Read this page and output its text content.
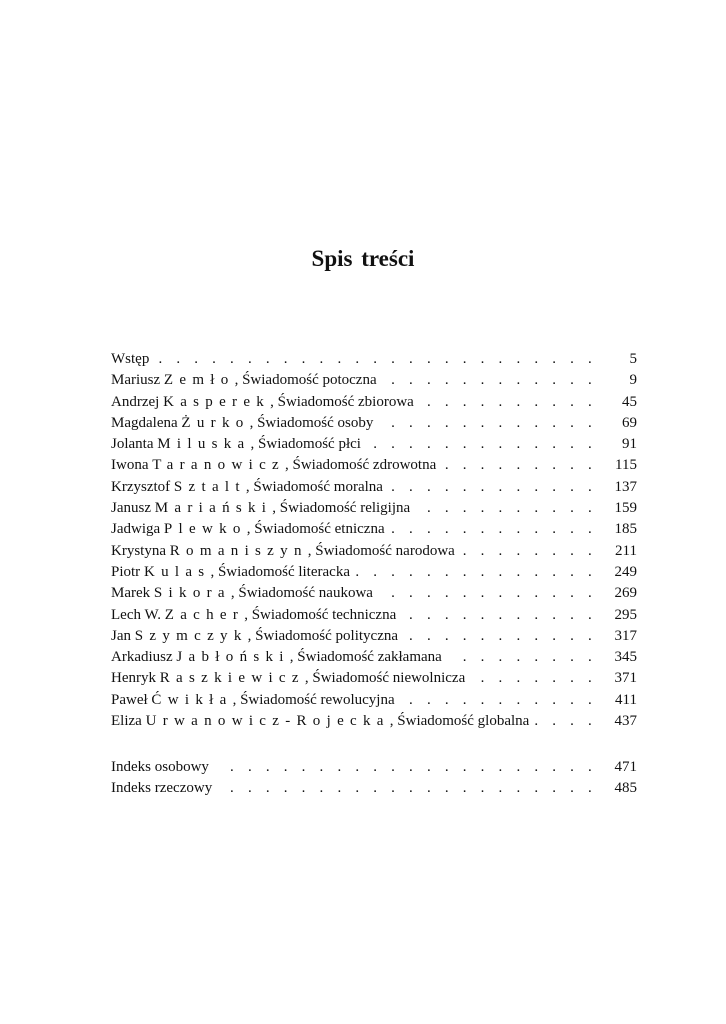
Spis treści
Wstęp . . .	5
Mariusz Zemło, Świadomość potoczna . . .	9
Andrzej Kasperek, Świadomość zbiorowa . . .	45
Magdalena Żurko, Świadomość osoby . . .	69
Jolanta Miluska, Świadomość płci . . .	91
Iwona Taranowicz, Świadomość zdrowotna . . .	115
Krzysztof Sztalt, Świadomość moralna . . .	137
Janusz Mariański, Świadomość religijna . . .	159
Jadwiga Plewko, Świadomość etniczna . . .	185
Krystyna Romaniszyn, Świadomość narodowa . . .	211
Piotr Kulas, Świadomość literacka . . .	249
Marek Sikora, Świadomość naukowa . . .	269
Lech W. Zacher, Świadomość techniczna . . .	295
Jan Szymczyk, Świadomość polityczna . . .	317
Arkadiusz Jabłoński, Świadomość zakłamana . . .	345
Henryk Raszkiewicz, Świadomość niewolnicza . . .	371
Paweł Ćwikła, Świadomość rewolucyjna . . .	411
Eliza Urwanowicz-Rojecka, Świadomość globalna . . .	437
Indeks osobowy . . .	471
Indeks rzeczowy . . .	485
